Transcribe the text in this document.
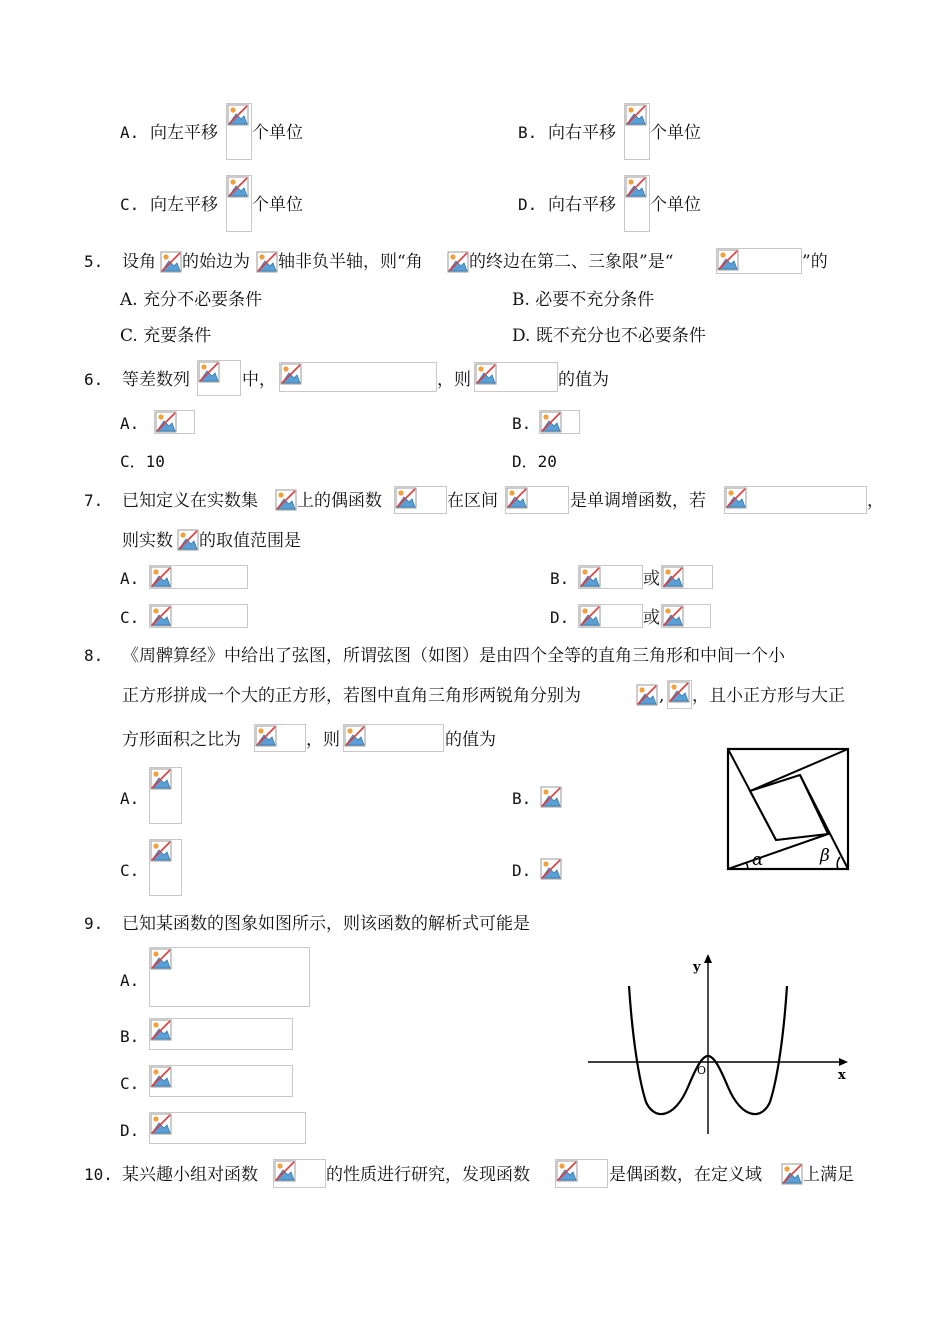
A. 向左平移 个单位	B. 向右平移 个单位
C. 向左平移 个单位	D. 向右平移 个单位
5. 设角 的始边为 轴非负半轴，则“角	的终边在第二、三象限”是“	”的
A. 充分不必要条件	B. 必要不充分条件
C. 充要条件	D. 既不充分也不必要条件
6. 等差数列	中，	，则	的值为
A.	B.
C．10	D．20
7. 已知定义在实数集 上的偶函数	在区间	是单调增函数，若	，
则实数 的取值范围是
A.	B.	或
C.	D.	或
8. 《周髀算经》中给出了弦图，所谓弦图（如图）是由四个全等的直角三角形和中间一个小
正方形拼成一个大的正方形，若图中直角三角形两锐角分别为	, ，且小正方形与大正
方形面积之比为	，则	的值为
A.	B.
C.	D.
α	β
9. 已知某函数的图象如图所示，则该函数的解析式可能是
A.
B.
C.
D.
y
x
O
10. 某兴趣小组对函数	的性质进行研究，发现函数	是偶函数，在定义域 上满足
